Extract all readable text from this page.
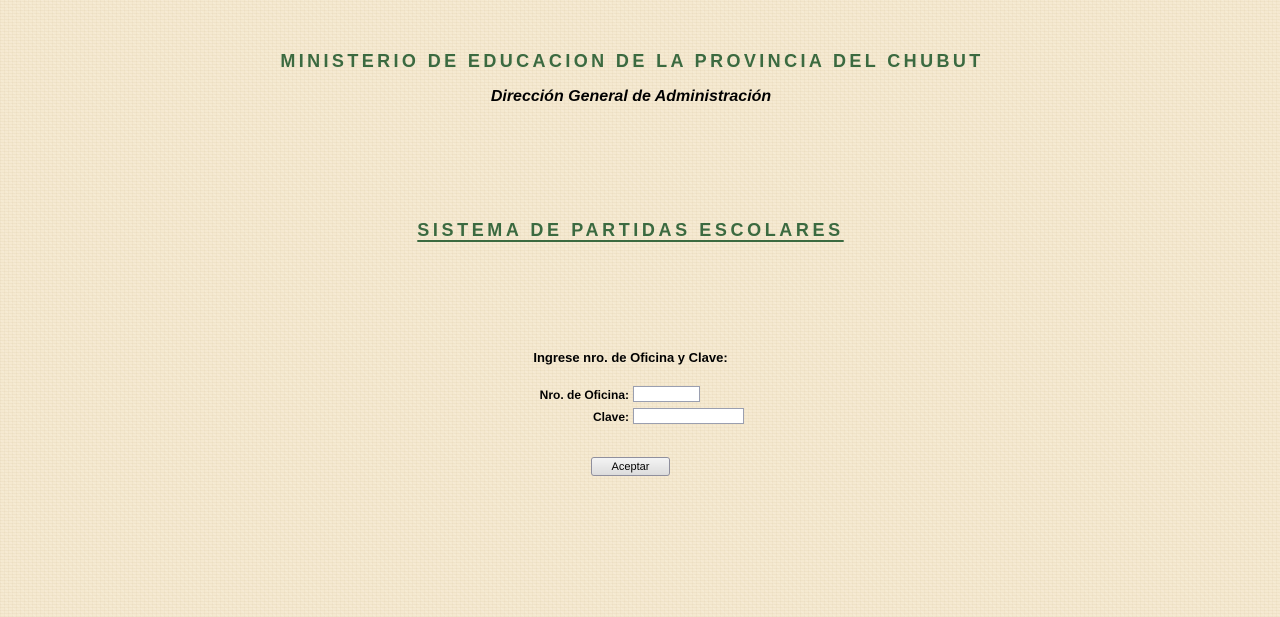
MINISTERIO DE EDUCACION DE LA PROVINCIA DEL CHUBUT
Dirección General de Administración
SISTEMA DE PARTIDAS ESCOLARES

Ingrese nro. de Oficina y Clave:

Nro. de Oficina:
Clave:
Aceptar
